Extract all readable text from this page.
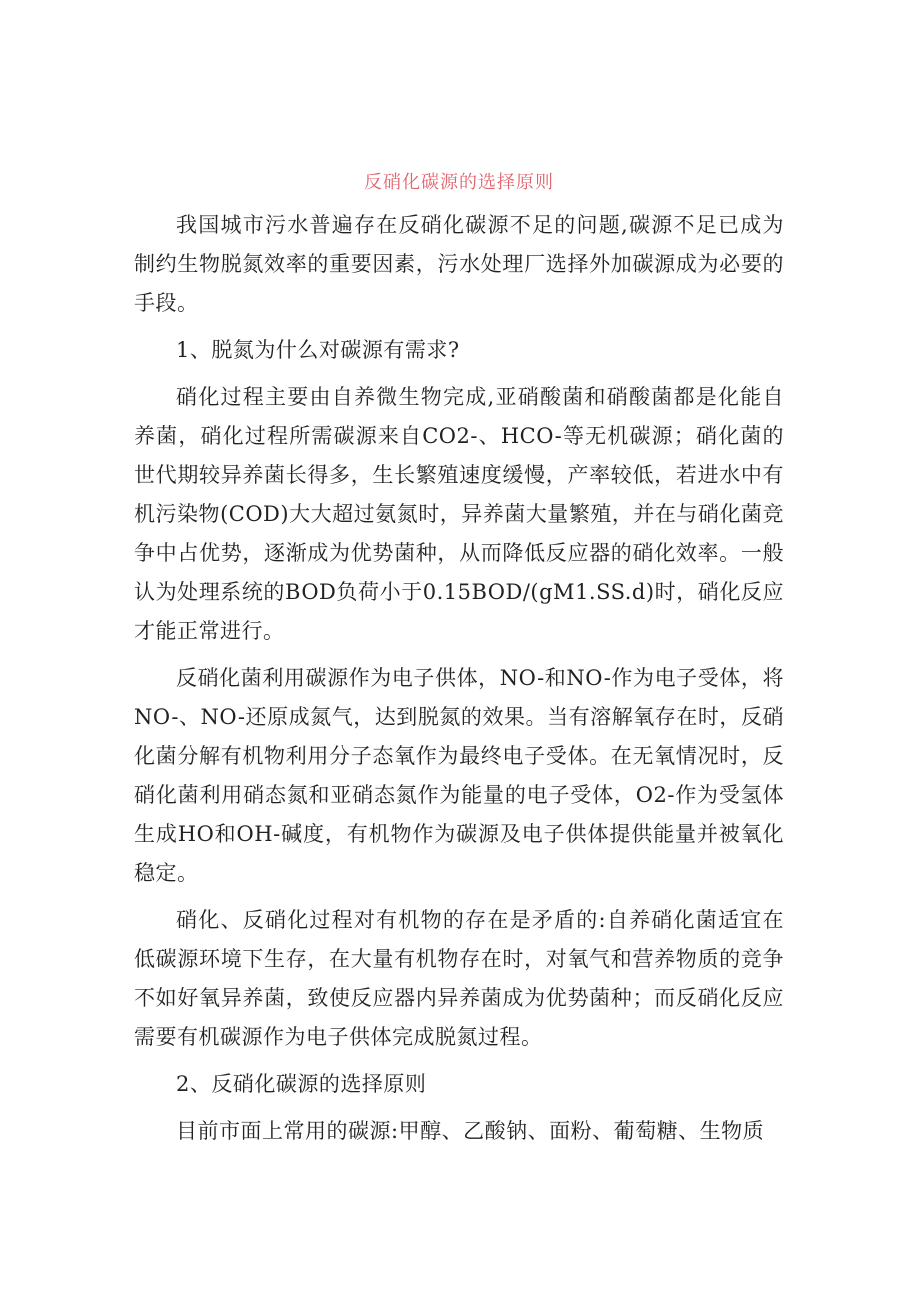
反硝化碳源的选择原则

我国城市污水普遍存在反硝化碳源不足的问题,碳源不足已成为制约生物脱氮效率的重要因素，污水处理厂选择外加碳源成为必要的手段。

1、脱氮为什么对碳源有需求?

硝化过程主要由自养微生物完成,亚硝酸菌和硝酸菌都是化能自养菌，硝化过程所需碳源来自CO2-、HCO-等无机碳源；硝化菌的世代期较异养菌长得多，生长繁殖速度缓慢，产率较低，若进水中有机污染物(COD)大大超过氨氮时，异养菌大量繁殖，并在与硝化菌竞争中占优势，逐渐成为优势菌种，从而降低反应器的硝化效率。一般认为处理系统的BOD负荷小于0.15BOD/(gM1.SS.d)时，硝化反应才能正常进行。

反硝化菌利用碳源作为电子供体，NO-和NO-作为电子受体，将NO-、NO-还原成氮气，达到脱氮的效果。当有溶解氧存在时，反硝化菌分解有机物利用分子态氧作为最终电子受体。在无氧情况时，反硝化菌利用硝态氮和亚硝态氮作为能量的电子受体，O2-作为受氢体生成HO和OH-碱度，有机物作为碳源及电子供体提供能量并被氧化稳定。

硝化、反硝化过程对有机物的存在是矛盾的:自养硝化菌适宜在低碳源环境下生存，在大量有机物存在时，对氧气和营养物质的竞争不如好氧异养菌，致使反应器内异养菌成为优势菌种；而反硝化反应需要有机碳源作为电子供体完成脱氮过程。

2、反硝化碳源的选择原则

目前市面上常用的碳源:甲醇、乙酸钠、面粉、葡萄糖、生物质
